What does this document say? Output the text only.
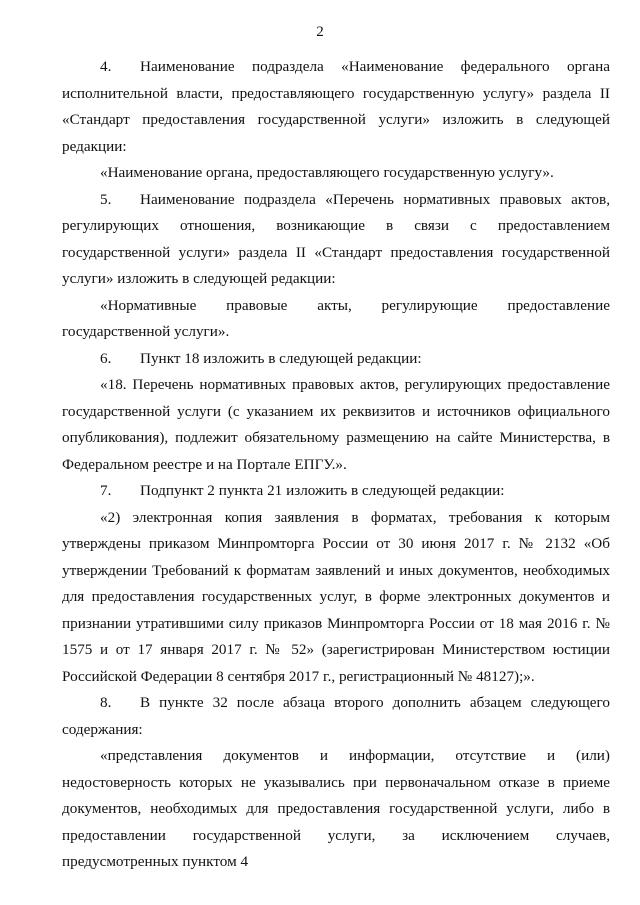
2

4. Наименование подраздела «Наименование федерального органа исполнительной власти, предоставляющего государственную услугу» раздела II «Стандарт предоставления государственной услуги» изложить в следующей редакции:

«Наименование органа, предоставляющего государственную услугу».

5. Наименование подраздела «Перечень нормативных правовых актов, регулирующих отношения, возникающие в связи с предоставлением государственной услуги» раздела II «Стандарт предоставления государственной услуги» изложить в следующей редакции:

«Нормативные правовые акты, регулирующие предоставление государственной услуги».

6. Пункт 18 изложить в следующей редакции:

«18. Перечень нормативных правовых актов, регулирующих предоставление государственной услуги (с указанием их реквизитов и источников официального опубликования), подлежит обязательному размещению на сайте Министерства, в Федеральном реестре и на Портале ЕПГУ.».

7. Подпункт 2 пункта 21 изложить в следующей редакции:

«2) электронная копия заявления в форматах, требования к которым утверждены приказом Минпромторга России от 30 июня 2017 г. № 2132 «Об утверждении Требований к форматам заявлений и иных документов, необходимых для предоставления государственных услуг, в форме электронных документов и признании утратившими силу приказов Минпромторга России от 18 мая 2016 г. № 1575 и от 17 января 2017 г. № 52» (зарегистрирован Министерством юстиции Российской Федерации 8 сентября 2017 г., регистрационный № 48127);».

8. В пункте 32 после абзаца второго дополнить абзацем следующего содержания:

«представления документов и информации, отсутствие и (или) недостоверность которых не указывались при первоначальном отказе в приеме документов, необходимых для предоставления государственной услуги, либо в предоставлении государственной услуги, за исключением случаев, предусмотренных пунктом 4
